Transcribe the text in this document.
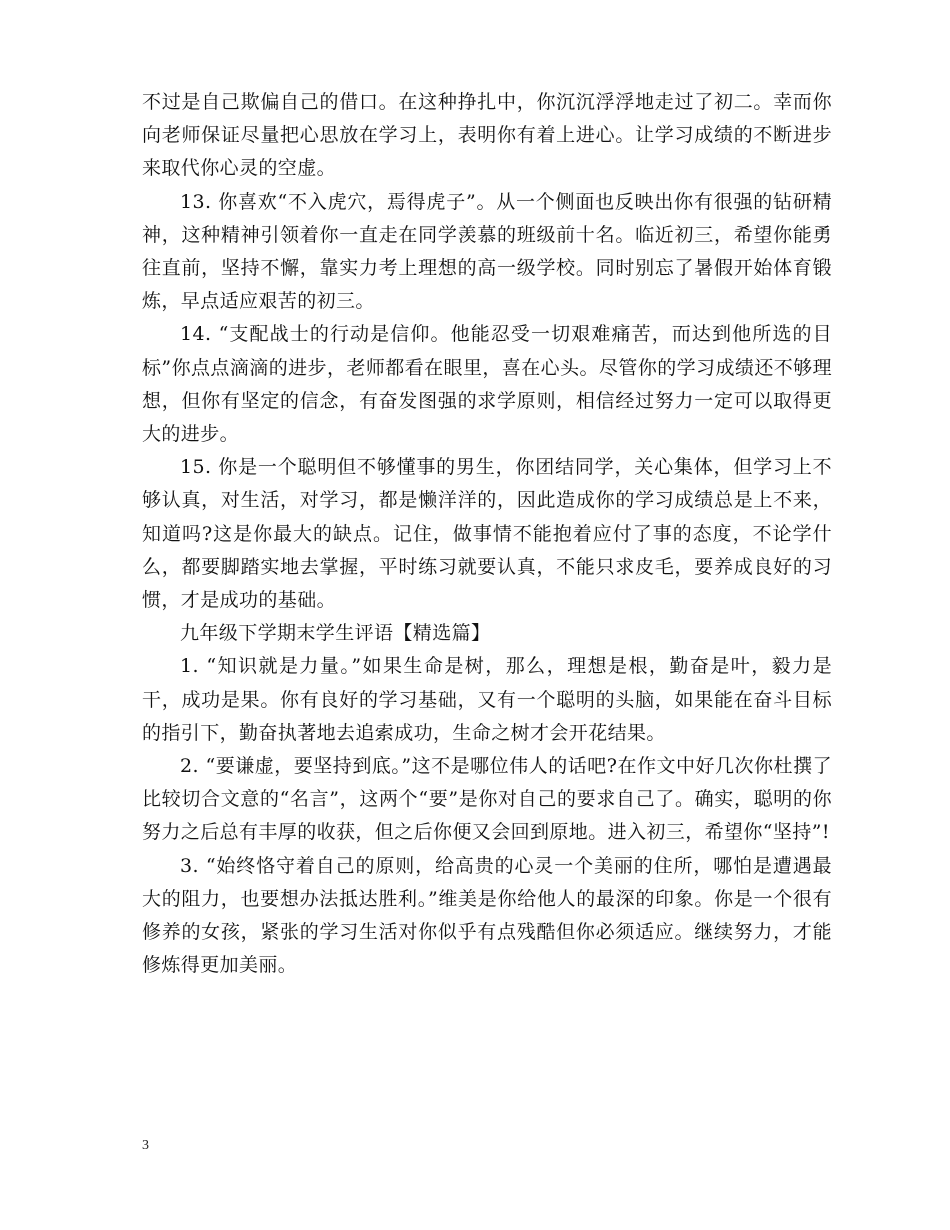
不过是自己欺偏自己的借口。在这种挣扎中，你沉沉浮浮地走过了初二。幸而你向老师保证尽量把心思放在学习上，表明你有着上进心。让学习成绩的不断进步来取代你心灵的空虚。

13. 你喜欢“不入虎穴，焉得虎子”。从一个侧面也反映出你有很强的钻研精神，这种精神引领着你一直走在同学羡慕的班级前十名。临近初三，希望你能勇往直前，坚持不懈，靠实力考上理想的高一级学校。同时别忘了暑假开始体育锻炼，早点适应艰苦的初三。

14. “支配战士的行动是信仰。他能忍受一切艰难痛苦，而达到他所选的目标”你点点滴滴的进步，老师都看在眼里，喜在心头。尽管你的学习成绩还不够理想，但你有坚定的信念，有奋发图强的求学原则，相信经过努力一定可以取得更大的进步。

15. 你是一个聪明但不够懂事的男生，你团结同学，关心集体，但学习上不够认真，对生活，对学习，都是懒洋洋的，因此造成你的学习成绩总是上不来，知道吗?这是你最大的缺点。记住，做事情不能抱着应付了事的态度，不论学什么，都要脚踏实地去掌握，平时练习就要认真，不能只求皮毛，要养成良好的习惯，才是成功的基础。

九年级下学期末学生评语【精选篇】

1. “知识就是力量。”如果生命是树，那么，理想是根，勤奋是叶，毅力是干，成功是果。你有良好的学习基础，又有一个聪明的头脑，如果能在奋斗目标的指引下，勤奋执著地去追索成功，生命之树才会开花结果。

2. “要谦虚，要坚持到底。”这不是哪位伟人的话吧?在作文中好几次你杜撰了比较切合文意的“名言”，这两个“要”是你对自己的要求自己了。确实，聪明的你努力之后总有丰厚的收获，但之后你便又会回到原地。进入初三，希望你“坚持”!

3. “始终恪守着自己的原则，给高贵的心灵一个美丽的住所，哪怕是遭遇最大的阻力，也要想办法抵达胜利。”维美是你给他人的最深的印象。你是一个很有修养的女孩，紧张的学习生活对你似乎有点残酷但你必须适应。继续努力，才能修炼得更加美丽。

3
